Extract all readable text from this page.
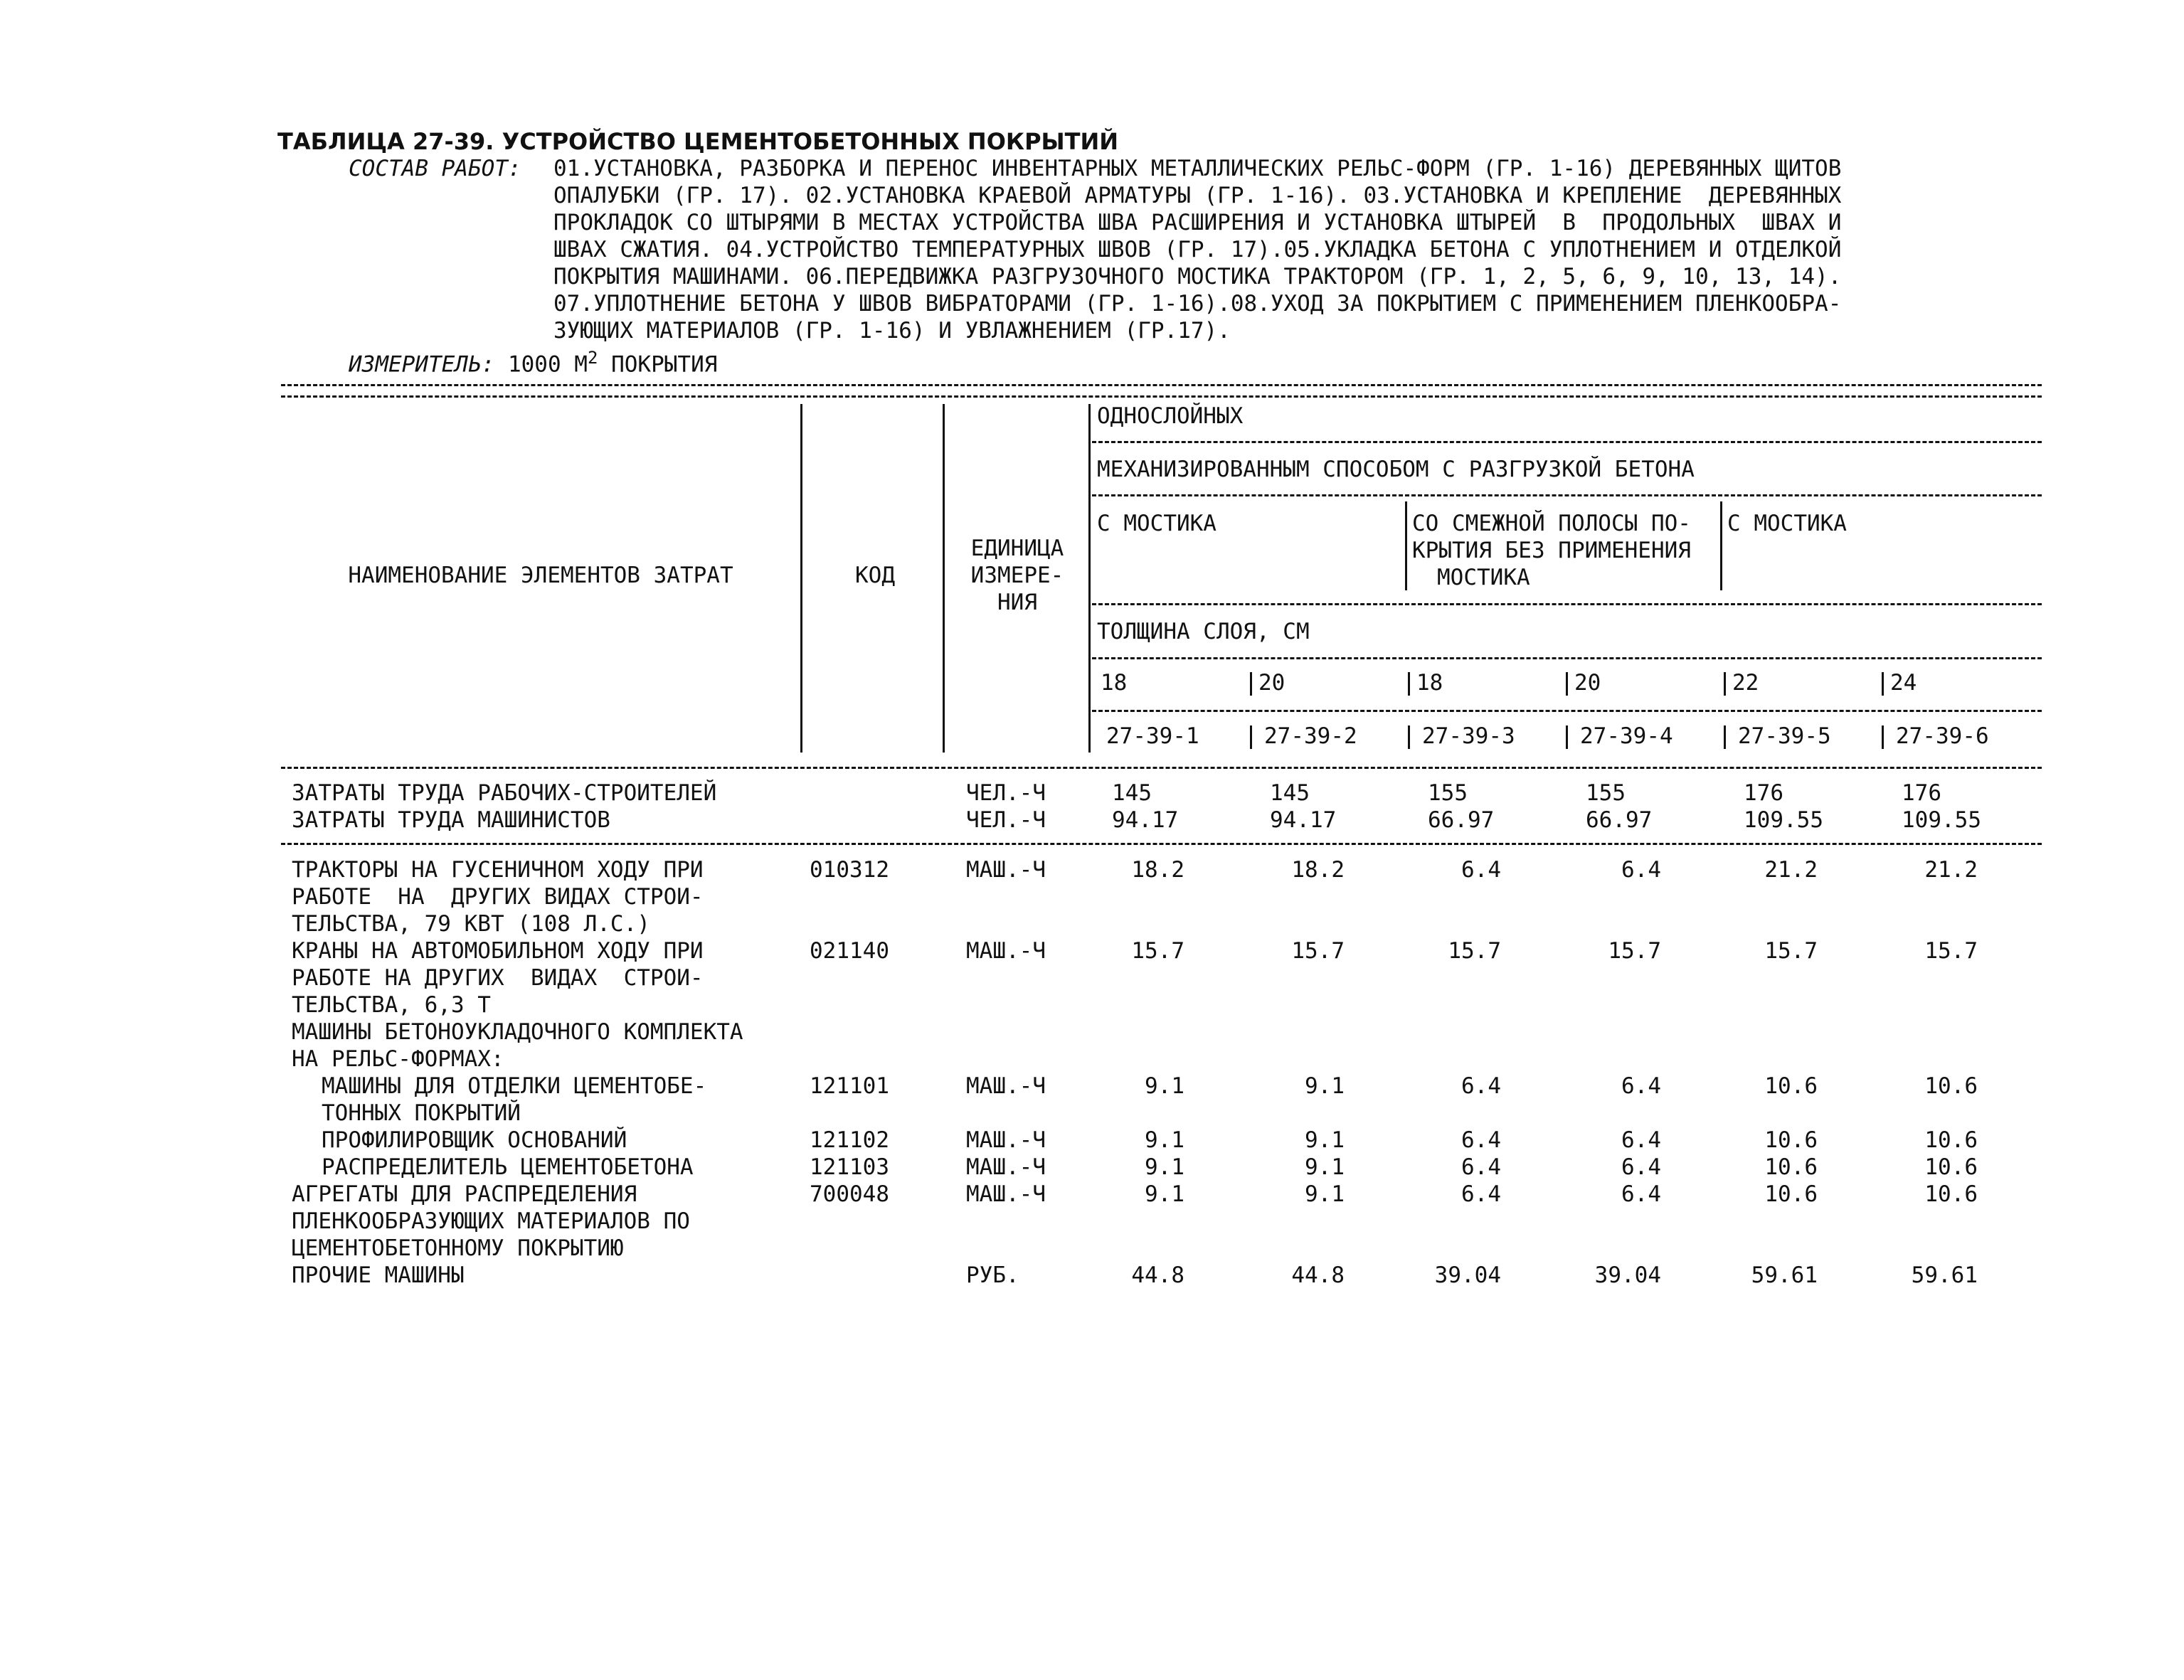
ТАБЛИЦА 27-39. УСТРОЙСТВО ЦЕМЕНТОБЕТОННЫХ ПОКРЫТИЙ
СОСТАВ РАБОТ: 01.УСТАНОВКА, РАЗБОРКА И ПЕРЕНОС ИНВЕНТАРНЫХ МЕТАЛЛИЧЕСКИХ РЕЛЬС-ФОРМ (ГР. 1-16) ДЕРЕВЯННЫХ ЩИТОВ
ОПАЛУБКИ (ГР. 17). 02.УСТАНОВКА КРАЕВОЙ АРМАТУРЫ (ГР. 1-16). 03.УСТАНОВКА И КРЕПЛЕНИЕ  ДЕРЕВЯННЫХ
ПРОКЛАДОК СО ШТЫРЯМИ В МЕСТАХ УСТРОЙСТВА ШВА РАСШИРЕНИЯ И УСТАНОВКА ШТЫРЕЙ  В  ПРОДОЛЬНЫХ  ШВАХ И
ШВАХ СЖАТИЯ. 04.УСТРОЙСТВО ТЕМПЕРАТУРНЫХ ШВОВ (ГР. 17).05.УКЛАДКА БЕТОНА С УПЛОТНЕНИЕМ И ОТДЕЛКОЙ
ПОКРЫТИЯ МАШИНАМИ. 06.ПЕРЕДВИЖКА РАЗГРУЗОЧНОГО МОСТИКА ТРАКТОРОМ (ГР. 1, 2, 5, 6, 9, 10, 13, 14).
07.УПЛОТНЕНИЕ БЕТОНА У ШВОВ ВИБРАТОРАМИ (ГР. 1-16).08.УХОД ЗА ПОКРЫТИЕМ С ПРИМЕНЕНИЕМ ПЛЕНКООБРА-
ЗУЮЩИХ МАТЕРИАЛОВ (ГР. 1-16) И УВЛАЖНЕНИЕМ (ГР.17).
ИЗМЕРИТЕЛЬ: 1000 $М^2$ ПОКРЫТИЯ
НАИМЕНОВАНИЕ ЭЛЕМЕНТОВ ЗАТРАТ	КОД
ЕДИНИЦА
ИЗМЕРЕ-
НИЯ
ОДНОСЛОЙНЫХ
МЕХАНИЗИРОВАННЫМ СПОСОБОМ С РАЗГРУЗКОЙ БЕТОНА
С МОСТИКА	СО СМЕЖНОЙ ПОЛОСЫ ПО-
КРЫТИЯ БЕЗ ПРИМЕНЕНИЯ
МОСТИКА
С МОСТИКА
ТОЛЩИНА СЛОЯ, СМ
18	20	18	20	22	24
27-39-1	27-39-2	27-39-3	27-39-4	27-39-5	27-39-6
ЗАТРАТЫ ТРУДА РАБОЧИХ-СТРОИТЕЛЕЙ	ЧЕЛ.-Ч	145	145	155	155	176	176
ЗАТРАТЫ ТРУДА МАШИНИСТОВ	ЧЕЛ.-Ч	94.17	94.17	66.97	66.97	109.55	109.55
ТРАКТОРЫ НА ГУСЕНИЧНОМ ХОДУ ПРИ
РАБОТЕ  НА  ДРУГИХ ВИДАХ СТРОИ-
ТЕЛЬСТВА, 79 КВТ (108 Л.С.)
010312	МАШ.-Ч	18.2	18.2	6.4	6.4	21.2	21.2
КРАНЫ НА АВТОМОБИЛЬНОМ ХОДУ ПРИ
РАБОТЕ НА ДРУГИХ  ВИДАХ  СТРОИ-
ТЕЛЬСТВА, 6,3 Т
021140	МАШ.-Ч	15.7	15.7	15.7	15.7	15.7	15.7
МАШИНЫ БЕТОНОУКЛАДОЧНОГО КОМПЛЕКТА
НА РЕЛЬС-ФОРМАХ:
МАШИНЫ ДЛЯ ОТДЕЛКИ ЦЕМЕНТОБЕ-
ТОННЫХ ПОКРЫТИЙ
121101	МАШ.-Ч	9.1	9.1	6.4	6.4	10.6	10.6
ПРОФИЛИРОВЩИК ОСНОВАНИЙ	121102	МАШ.-Ч	9.1	9.1	6.4	6.4	10.6	10.6
РАСПРЕДЕЛИТЕЛЬ ЦЕМЕНТОБЕТОНА	121103	МАШ.-Ч	9.1	9.1	6.4	6.4	10.6	10.6
АГРЕГАТЫ ДЛЯ РАСПРЕДЕЛЕНИЯ
ПЛЕНКООБРАЗУЮЩИХ МАТЕРИАЛОВ ПО
ЦЕМЕНТОБЕТОННОМУ ПОКРЫТИЮ
700048	МАШ.-Ч	9.1	9.1	6.4	6.4	10.6	10.6
ПРОЧИЕ МАШИНЫ	РУБ.	44.8	44.8	39.04	39.04	59.61	59.61
